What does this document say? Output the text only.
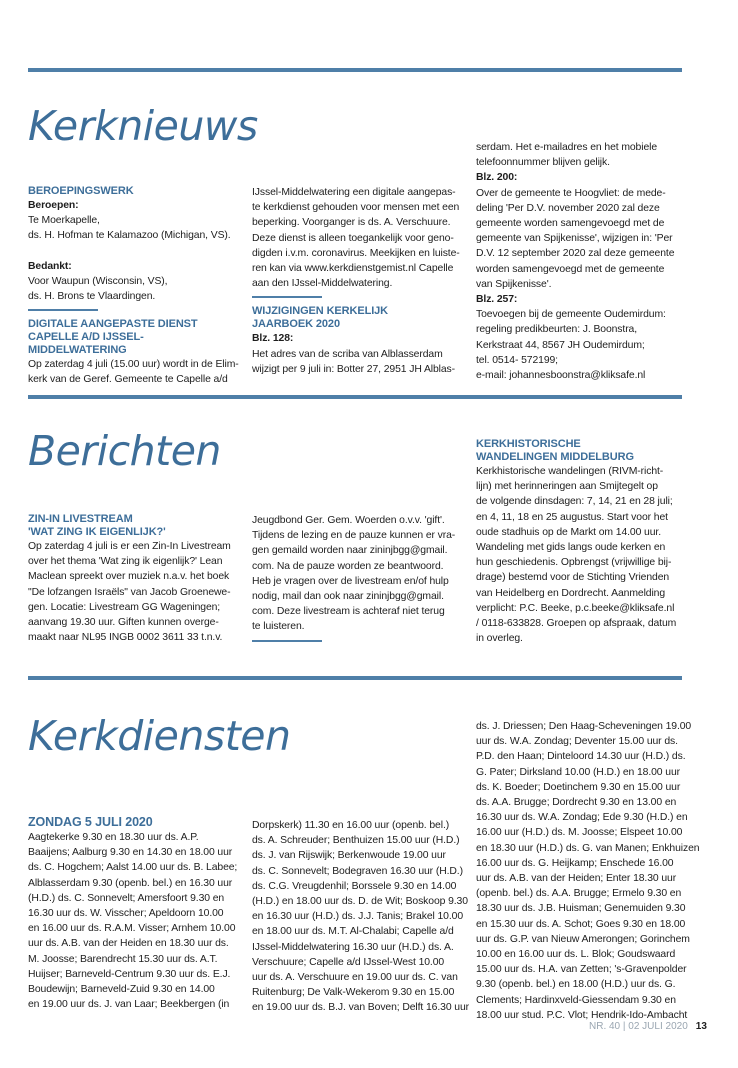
Kerknieuws

BEROEPINGSWERK

Beroepen:

Te Moerkapelle,
ds. H. Hofman te Kalamazoo (Michigan, VS).

Bedankt:

Voor Waupun (Wisconsin, VS),
ds. H. Brons te Vlaardingen.

DIGITALE AANGEPASTE DIENST

CAPELLE A/D IJSSEL-MIDDELWATERING

Op zaterdag 4 juli (15.00 uur) wordt in de Elim-
kerk van de Geref. Gemeente te Capelle a/d
IJssel-Middelwatering een digitale aangepas-
te kerkdienst gehouden voor mensen met een
beperking. Voorganger is ds. A. Verschuure.
Deze dienst is alleen toegankelijk voor geno-
digden i.v.m. coronavirus. Meekijken en luiste-
ren kan via www.kerkdienstgemist.nl Capelle
aan den IJssel-Middelwatering.

WIJZIGINGEN KERKELIJK

JAARBOEK 2020

Blz. 128:

Het adres van de scriba van Alblasserdam
wijzigt per 9 juli in: Botter 27, 2951 JH Alblas-
serdam. Het e-mailadres en het mobiele
telefoonnummer blijven gelijk.

Blz. 200:

Over de gemeente te Hoogvliet: de mede-
deling 'Per D.V. november 2020 zal deze
gemeente worden samengevoegd met de
gemeente van Spijkenisse', wijzigen in: 'Per
D.V. 12 september 2020 zal deze gemeente
worden samengevoegd met de gemeente
van Spijkenisse'.

Blz. 257:

Toevoegen bij de gemeente Oudemirdum:
regeling predikbeurten: J. Boonstra,
Kerkstraat 44, 8567 JH Oudemirdum;
tel. 0514- 572199;
e-mail: johannesboonstra@kliksafe.nl
Berichten

ZIN-IN LIVESTREAM

'WAT ZING IK EIGENLIJK?'

Op zaterdag 4 juli is er een Zin-In Livestream
over het thema 'Wat zing ik eigenlijk?' Lean
Maclean spreekt over muziek n.a.v. het boek
"De lofzangen Israëls" van Jacob Groenewe-
gen. Locatie: Livestream GG Wageningen;
aanvang 19.30 uur. Giften kunnen overge-
maakt naar NL95 INGB 0002 3611 33 t.n.v.
Jeugdbond Ger. Gem. Woerden o.v.v. 'gift'.
Tijdens de lezing en de pauze kunnen er vra-
gen gemaild worden naar zininjbgg@gmail.
com. Na de pauze worden ze beantwoord.
Heb je vragen over de livestream en/of hulp
nodig, mail dan ook naar zininjbgg@gmail.
com. Deze livestream is achteraf niet terug
te luisteren.

KERKHISTORISCHE

WANDELINGEN MIDDELBURG

Kerkhistorische wandelingen (RIVM-richt-
lijn) met herinneringen aan Smijtegelt op
de volgende dinsdagen: 7, 14, 21 en 28 juli;
en 4, 11, 18 en 25 augustus. Start voor het
oude stadhuis op de Markt om 14.00 uur.
Wandeling met gids langs oude kerken en
hun geschiedenis. Opbrengst (vrijwillige bij-
drage) bestemd voor de Stichting Vrienden
van Heidelberg en Dordrecht. Aanmelding
verplicht: P.C. Beeke, p.c.beeke@kliksafe.nl
/ 0118-633828. Groepen op afspraak, datum
in overleg.
Kerkdiensten

ZONDAG 5 JULI 2020

Aagtekerke 9.30 en 18.30 uur ds. A.P.
Baaijens; Aalburg 9.30 en 14.30 en 18.00 uur
ds. C. Hogchem; Aalst 14.00 uur ds. B. Labee;
Alblasserdam 9.30 (openb. bel.) en 16.30 uur
(H.D.) ds. C. Sonnevelt; Amersfoort 9.30 en
16.30 uur ds. W. Visscher; Apeldoorn 10.00
en 16.00 uur ds. R.A.M. Visser; Arnhem 10.00
uur ds. A.B. van der Heiden en 18.30 uur ds.
M. Joosse; Barendrecht 15.30 uur ds. A.T.
Huijser; Barneveld-Centrum 9.30 uur ds. E.J.
Boudewijn; Barneveld-Zuid 9.30 en 14.00
en 19.00 uur ds. J. van Laar; Beekbergen (in
Dorpskerk) 11.30 en 16.00 uur (openb. bel.)
ds. A. Schreuder; Benthuizen 15.00 uur (H.D.)
ds. J. van Rijswijk; Berkenwoude 19.00 uur
ds. C. Sonnevelt; Bodegraven 16.30 uur (H.D.)
ds. C.G. Vreugdenhil; Borssele 9.30 en 14.00
(H.D.) en 18.00 uur ds. D. de Wit; Boskoop 9.30
en 16.30 uur (H.D.) ds. J.J. Tanis; Brakel 10.00
en 18.00 uur ds. M.T. Al-Chalabi; Capelle a/d
IJssel-Middelwatering 16.30 uur (H.D.) ds. A.
Verschuure; Capelle a/d IJssel-West 10.00
uur ds. A. Verschuure en 19.00 uur ds. C. van
Ruitenburg; De Valk-Wekerom 9.30 en 15.00
en 19.00 uur ds. B.J. van Boven; Delft 16.30 uur
ds. J. Driessen; Den Haag-Scheveningen 19.00
uur ds. W.A. Zondag; Deventer 15.00 uur ds.
P.D. den Haan; Dinteloord 14.30 uur (H.D.) ds.
G. Pater; Dirksland 10.00 (H.D.) en 18.00 uur
ds. K. Boeder; Doetinchem 9.30 en 15.00 uur
ds. A.A. Brugge; Dordrecht 9.30 en 13.00 en
16.30 uur ds. W.A. Zondag; Ede 9.30 (H.D.) en
16.00 uur (H.D.) ds. M. Joosse; Elspeet 10.00
en 18.30 uur (H.D.) ds. G. van Manen; Enkhuizen
16.00 uur ds. G. Heijkamp; Enschede 16.00
uur ds. A.B. van der Heiden; Enter 18.30 uur
(openb. bel.) ds. A.A. Brugge; Ermelo 9.30 en
18.30 uur ds. J.B. Huisman; Genemuiden 9.30
en 15.30 uur ds. A. Schot; Goes 9.30 en 18.00
uur ds. G.P. van Nieuw Amerongen; Gorinchem
10.00 en 16.00 uur ds. L. Blok; Goudswaard
15.00 uur ds. H.A. van Zetten; 's-Gravenpolder
9.30 (openb. bel.) en 18.00 (H.D.) uur ds. G.
Clements; Hardinxveld-Giessendam 9.30 en
18.00 uur stud. P.C. Vlot; Hendrik-Ido-Ambacht
NR. 40 | 02 JULI 2020 13
